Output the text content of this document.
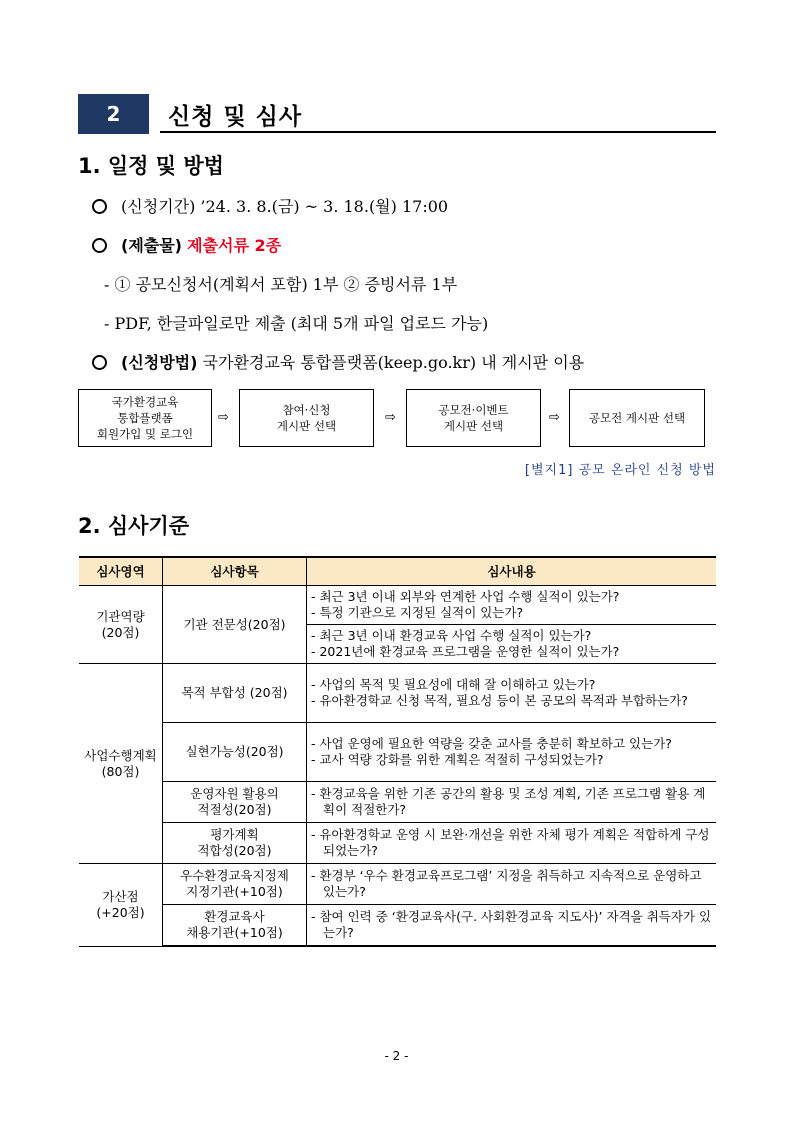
2	신청 및 심사
1. 일정 및 방법
(신청기간) ’24. 3. 8.(금) ~ 3. 18.(월) 17:00
(제출물) 제출서류 2종
- ① 공모신청서(계획서 포함) 1부 ② 증빙서류 1부
- PDF, 한글파일로만 제출 (최대 5개 파일 업로드 가능)
(신청방법) 국가환경교육 통합플랫폼(keep.go.kr) 내 게시판 이용
국가환경교육
통합플랫폼
회원가입 및 로그인
⇨	참여·신청
게시판 선택
⇨	공모전·이벤트
게시판 선택
⇨	공모전 게시판 선택
[별지1] 공모 온라인 신청 방법
2. 심사기준
심사영역	심사항목	심사내용

기관역량
(20점)	기관 전문성(20점)	- 최근 3년 이내 외부와 연계한 사업 수행 실적이 있는가?
- 특정 기관으로 지정된 실적이 있는가?

		- 최근 3년 이내 환경교육 사업 수행 실적이 있는가?
- 2021년에 환경교육 프로그램을 운영한 실적이 있는가?

사업수행계획
(80점)	목적 부합성 (20점)	- 사업의 목적 및 필요성에 대해 잘 이해하고 있는가?
- 유아환경학교 신청 목적, 필요성 등이 본 공모의 목적과 부합하는가?

	실현가능성(20점)	- 사업 운영에 필요한 역량을 갖춘 교사를 충분히 확보하고 있는가?
- 교사 역량 강화를 위한 계획은 적절히 구성되었는가?

	운영자원 활용의
적절성(20점)	- 환경교육을 위한 기존 공간의 활용 및 조성 계획, 기존 프로그램 활용 계획이 적절한가?

	평가계획
적합성(20점)	- 유아환경학교 운영 시 보완·개선을 위한 자체 평가 계획은 적합하게 구성되었는가?

가산점
(+20점)	우수환경교육지정제
지정기관(+10점)	- 환경부 ‘우수 환경교육프로그램’ 지정을 취득하고 지속적으로 운영하고 있는가?

	환경교육사
채용기관(+10점)	- 참여 인력 중 ‘환경교육사(구. 사회환경교육 지도사)’ 자격을 취득자가 있는가?
- 2 -
